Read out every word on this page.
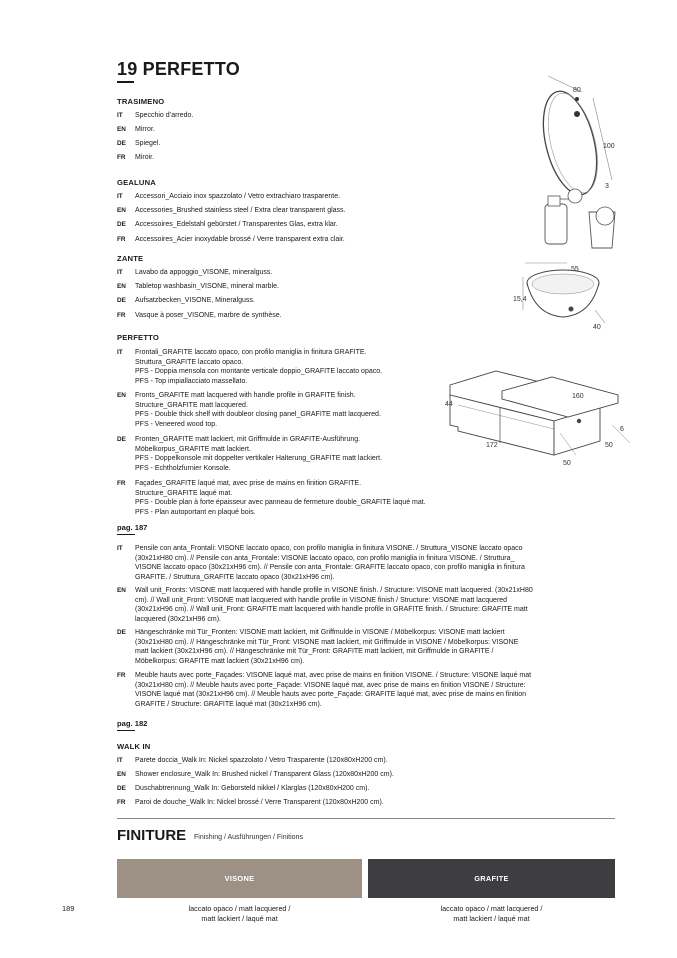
19 PERFETTO
TRASIMENO
IT	Specchio d’arredo.
EN	Mirror.
DE	Spiegel.
FR	Miroir.
GEALUNA
IT	Accessori_Acciaio inox spazzolato / Vetro extrachiaro trasparente.
EN	Accessories_Brushed stainless steel / Extra clear transparent glass.
DE	Accessoires_Edelstahl gebürstet / Transparentes Glas, extra klar.
FR	Accessoires_Acier inoxydable brossé / Verre transparent extra clair.
ZANTE
IT	Lavabo da appoggio_VISONE, mineralguss.
EN	Tabletop washbasin_VISONE, mineral marble.
DE	Aufsatzbecken_VISONE, Mineralguss.
FR	Vasque à poser_VISONE, marbre de synthèse.
PERFETTO
IT	Frontali_GRAFITE laccato opaco, con profilo maniglia in finitura GRAFITE.
Struttura_GRAFITE laccato opaco.
PFS - Doppia mensola con montante verticale doppio_GRAFITE laccato opaco.
PFS - Top impiallacciato massellato.
EN	Fronts_GRAFITE matt lacquered with handle profile in GRAFITE finish.
Structure_GRAFITE matt lacquered.
PFS - Double thick shelf with doubleor closing panel_GRAFITE matt lacquered.
PFS - Veneered wood top.
DE	Fronten_GRAFITE matt lackiert, mit Griffmulde in GRAFITE-Ausführung.
Möbelkorpus_GRAFITE matt lackiert.
PFS - Doppelkonsole mit doppelter vertikaler Halterung_GRAFITE matt lackiert.
PFS - Echtholzfurnier Konsole.
FR	Façades_GRAFITE laqué mat, avec prise de mains en finition GRAFITE.
Structure_GRAFITE laqué mat.
PFS - Double plan à forte épaisseur avec panneau de fermeture double_GRAFITE laqué mat.
PFS - Plan autoportant en plaqué bois.
pag. 187
IT	Pensile con anta_Frontali: VISONE laccato opaco, con profilo maniglia in finitura VISONE. / Struttura_VISONE laccato opaco
(30x21xH80 cm). // Pensile con anta_Frontale: VISONE laccato opaco, con profilo maniglia in finitura VISONE. / Struttura_
VISONE laccato opaco (30x21xH96 cm). // Pensile con anta_Frontale: GRAFITE laccato opaco, con profilo maniglia in finitura
GRAFITE. / Struttura_GRAFITE laccato opaco (30x21xH96 cm).
EN	Wall unit_Fronts: VISONE matt lacquered with handle profile in VISONE finish. / Structure: VISONE matt lacquered. (30x21xH80
cm). // Wall unit_Front: VISONE matt lacquered with handle profile in VISONE finish / Structure: VISONE matt lacquered
(30x21xH96 cm). // Wall unit_Front: GRAFITE matt lacquered with handle profile in GRAFITE finish. / Structure: GRAFITE matt
lacquered (30x21xH96 cm).
DE	Hängeschränke mit Tür_Fronten: VISONE matt lackiert, mit Griffmulde in VISONE / Möbelkorpus: VISONE matt lackiert
(30x21xH80 cm). // Hängeschränke mit Tür_Front: VISONE matt lackiert, mit Griffmulde in VISONE / Möbelkorpus: VISONE
matt lackiert (30x21xH96 cm). // Hängeschränke mit Tür_Front: GRAFITE matt lackiert, mit Griffmulde in GRAFITE /
Möbelkorpus: GRAFITE matt lackiert (30x21xH96 cm).
FR	Meuble hauts avec porte_Façades: VISONE laqué mat, avec prise de mains en finition VISONE. / Structure: VISONE laqué mat
(30x21xH80 cm). // Meuble hauts avec porte_Façade: VISONE laqué mat, avec prise de mains en finition VISONE / Structure:
VISONE laqué mat (30x21xH96 cm). // Meuble hauts avec porte_Façade: GRAFITE laqué mat, avec prise de mains en finition
GRAFITE / Structure: GRAFITE laqué mat (30x21xH96 cm).
pag. 182
WALK IN
IT	Parete doccia_Walk In: Nickel spazzolato / Vetro Trasparente (120x80xH200 cm).
EN	Shower enclosure_Walk In: Brushed nickel / Transparent Glass (120x80xH200 cm).
DE	Duschabtrennung_Walk In: Geborsteld nikkel / Klarglas (120x80xH200 cm).
FR	Paroi de douche_Walk In: Nickel brossé / Verre Transparent (120x80xH200 cm).
80
100
3
55
15,4
40
44
172
50
160
50
6
FINITURE Finishing / Ausführungen / Finitions
VISONE	GRAFITE
laccato opaco / matt lacquered /
matt lackiert / laqué mat
laccato opaco / matt lacquered /
matt lackiert / laqué mat
189
